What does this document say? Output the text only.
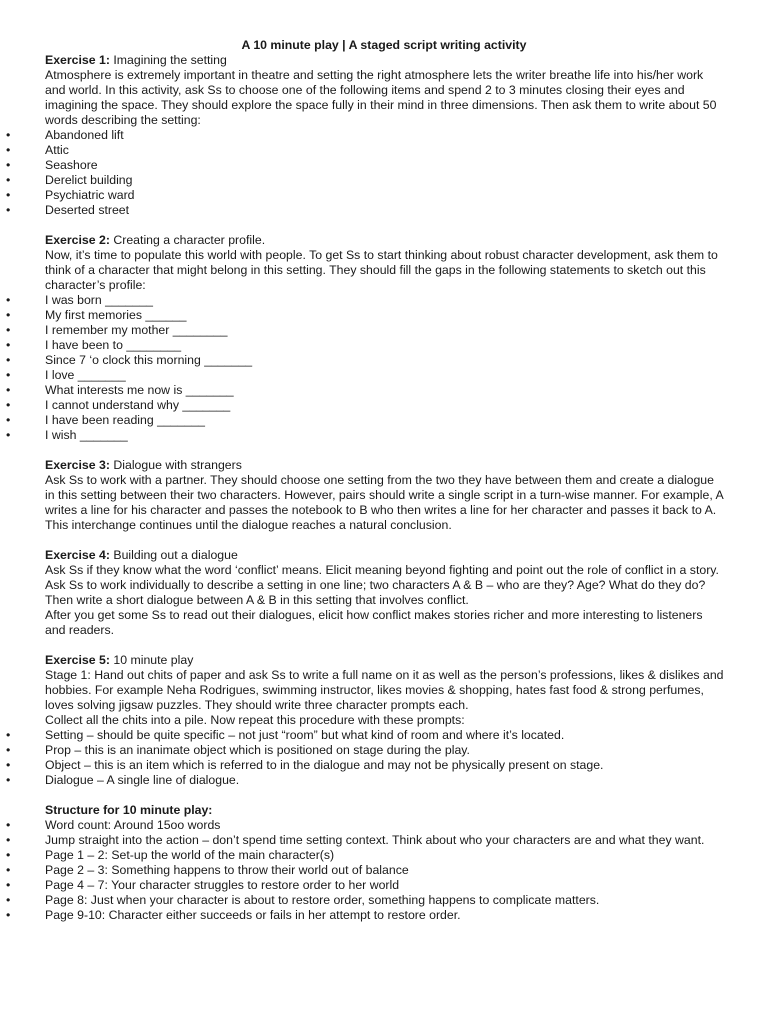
A 10 minute play | A staged script writing activity
Exercise 1: Imagining the setting
Atmosphere is extremely important in theatre and setting the right atmosphere lets the writer breathe life into his/her work and world. In this activity, ask Ss to choose one of the following items and spend 2 to 3 minutes closing their eyes and imagining the space. They should explore the space fully in their mind in three dimensions. Then ask them to write about 50 words describing the setting:
•	Abandoned lift
•	Attic
•	Seashore
•	Derelict building
•	Psychiatric ward
•	Deserted street
Exercise 2: Creating a character profile.
Now, it’s time to populate this world with people. To get Ss to start thinking about robust character development, ask them to think of a character that might belong in this setting. They should fill the gaps in the following statements to sketch out this character’s profile:
•	I was born _______
•	My first memories ______
•	I remember my mother ________
•	I have been to ________
•	Since 7 ‘o clock this morning _______
•	I love _______
•	What interests me now is _______
•	I cannot understand why _______
•	I have been reading _______
•	I wish _______
Exercise 3: Dialogue with strangers
Ask Ss to work with a partner. They should choose one setting from the two they have between them and create a dialogue in this setting between their two characters. However, pairs should write a single script in a turn-wise manner. For example, A writes a line for his character and passes the notebook to B who then writes a line for her character and passes it back to A. This interchange continues until the dialogue reaches a natural conclusion.
Exercise 4: Building out a dialogue
Ask Ss if they know what the word ‘conflict’ means. Elicit meaning beyond fighting and point out the role of conflict in a story. Ask Ss to work individually to describe a setting in one line; two characters A & B – who are they? Age? What do they do? Then write a short dialogue between A & B in this setting that involves conflict.
After you get some Ss to read out their dialogues, elicit how conflict makes stories richer and more interesting to listeners and readers.
Exercise 5: 10 minute play
Stage 1: Hand out chits of paper and ask Ss to write a full name on it as well as the person’s professions, likes & dislikes and hobbies. For example Neha Rodrigues, swimming instructor, likes movies & shopping, hates fast food & strong perfumes, loves solving jigsaw puzzles. They should write three character prompts each.
Collect all the chits into a pile. Now repeat this procedure with these prompts:
•	Setting – should be quite specific – not just “room” but what kind of room and where it’s located.
•	Prop – this is an inanimate object which is positioned on stage during the play.
•	Object – this is an item which is referred to in the dialogue and may not be physically present on stage.
•	Dialogue – A single line of dialogue.
Structure for 10 minute play:
•	Word count: Around 15oo words
•	Jump straight into the action – don’t spend time setting context. Think about who your characters are and what they want.
•	Page 1 – 2: Set-up the world of the main character(s)
•	Page 2 – 3: Something happens to throw their world out of balance
•	Page 4 – 7: Your character struggles to restore order to her world
•	Page 8: Just when your character is about to restore order, something happens to complicate matters.
•	Page 9-10: Character either succeeds or fails in her attempt to restore order.
